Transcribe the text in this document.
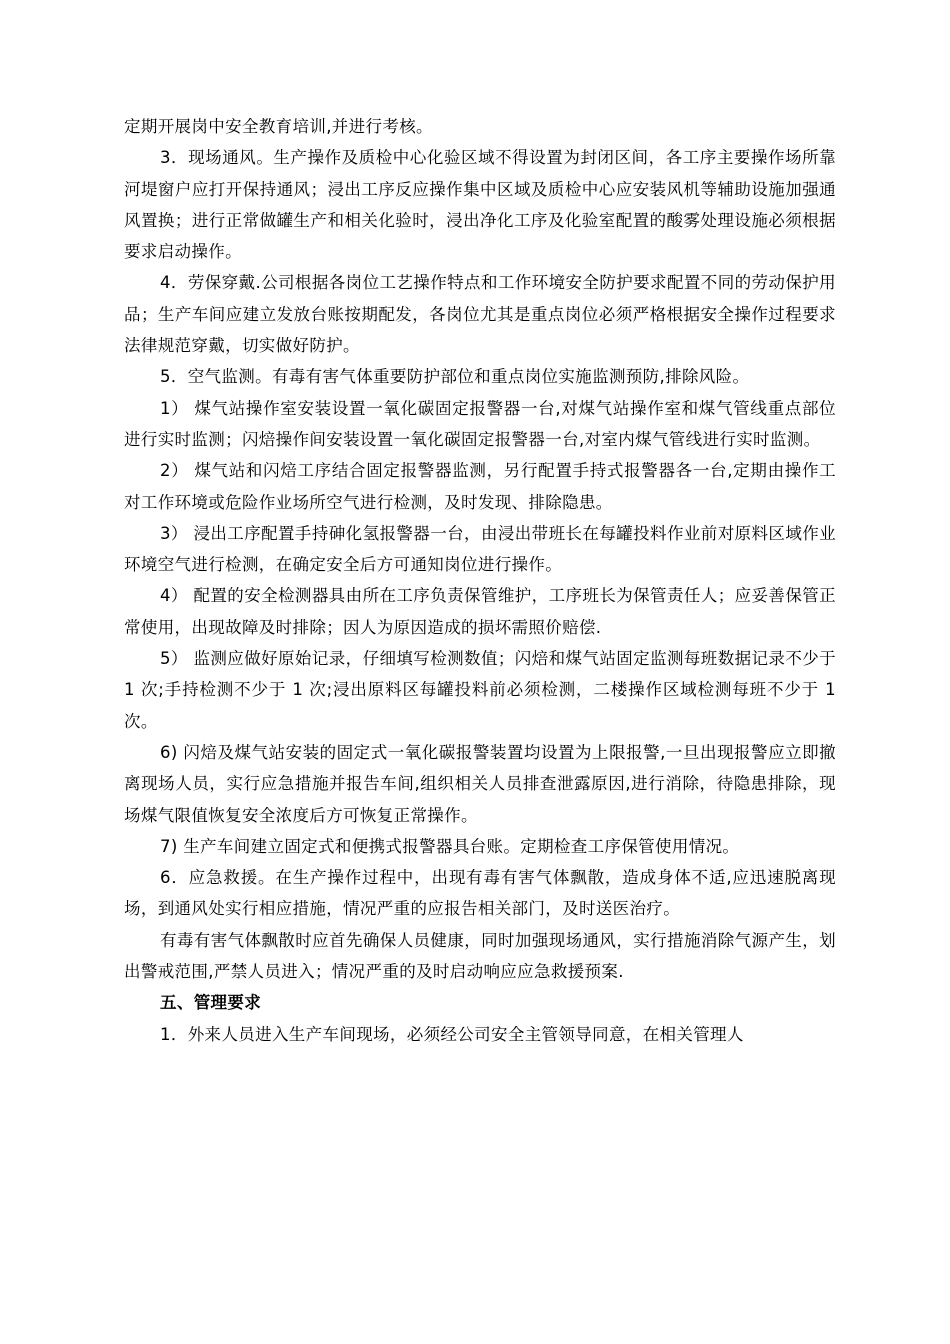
定期开展岗中安全教育培训,并进行考核。

3．现场通风。生产操作及质检中心化验区域不得设置为封闭区间，各工序主要操作场所靠河堤窗户应打开保持通风；浸出工序反应操作集中区域及质检中心应安装风机等辅助设施加强通风置换；进行正常做罐生产和相关化验时，浸出净化工序及化验室配置的酸雾处理设施必须根据要求启动操作。

4．劳保穿戴.公司根据各岗位工艺操作特点和工作环境安全防护要求配置不同的劳动保护用品；生产车间应建立发放台账按期配发，各岗位尤其是重点岗位必须严格根据安全操作过程要求法律规范穿戴，切实做好防护。

5．空气监测。有毒有害气体重要防护部位和重点岗位实施监测预防,排除风险。

1） 煤气站操作室安装设置一氧化碳固定报警器一台,对煤气站操作室和煤气管线重点部位进行实时监测；闪焙操作间安装设置一氧化碳固定报警器一台,对室内煤气管线进行实时监测。

2） 煤气站和闪焙工序结合固定报警器监测，另行配置手持式报警器各一台,定期由操作工对工作环境或危险作业场所空气进行检测，及时发现、排除隐患。

3） 浸出工序配置手持砷化氢报警器一台，由浸出带班长在每罐投料作业前对原料区域作业环境空气进行检测，在确定安全后方可通知岗位进行操作。

4） 配置的安全检测器具由所在工序负责保管维护，工序班长为保管责任人；应妥善保管正常使用，出现故障及时排除；因人为原因造成的损坏需照价赔偿.

5） 监测应做好原始记录，仔细填写检测数值；闪焙和煤气站固定监测每班数据记录不少于 1 次;手持检测不少于 1 次;浸出原料区每罐投料前必须检测，二楼操作区域检测每班不少于 1 次。

6) 闪焙及煤气站安装的固定式一氧化碳报警装置均设置为上限报警,一旦出现报警应立即撤离现场人员，实行应急措施并报告车间,组织相关人员排查泄露原因,进行消除，待隐患排除，现场煤气限值恢复安全浓度后方可恢复正常操作。

7) 生产车间建立固定式和便携式报警器具台账。定期检查工序保管使用情况。

6．应急救援。在生产操作过程中，出现有毒有害气体飘散，造成身体不适,应迅速脱离现场，到通风处实行相应措施，情况严重的应报告相关部门，及时送医治疗。

有毒有害气体飘散时应首先确保人员健康，同时加强现场通风，实行措施消除气源产生，划出警戒范围,严禁人员进入；情况严重的及时启动响应应急救援预案.

五、管理要求

1．外来人员进入生产车间现场，必须经公司安全主管领导同意，在相关管理人
